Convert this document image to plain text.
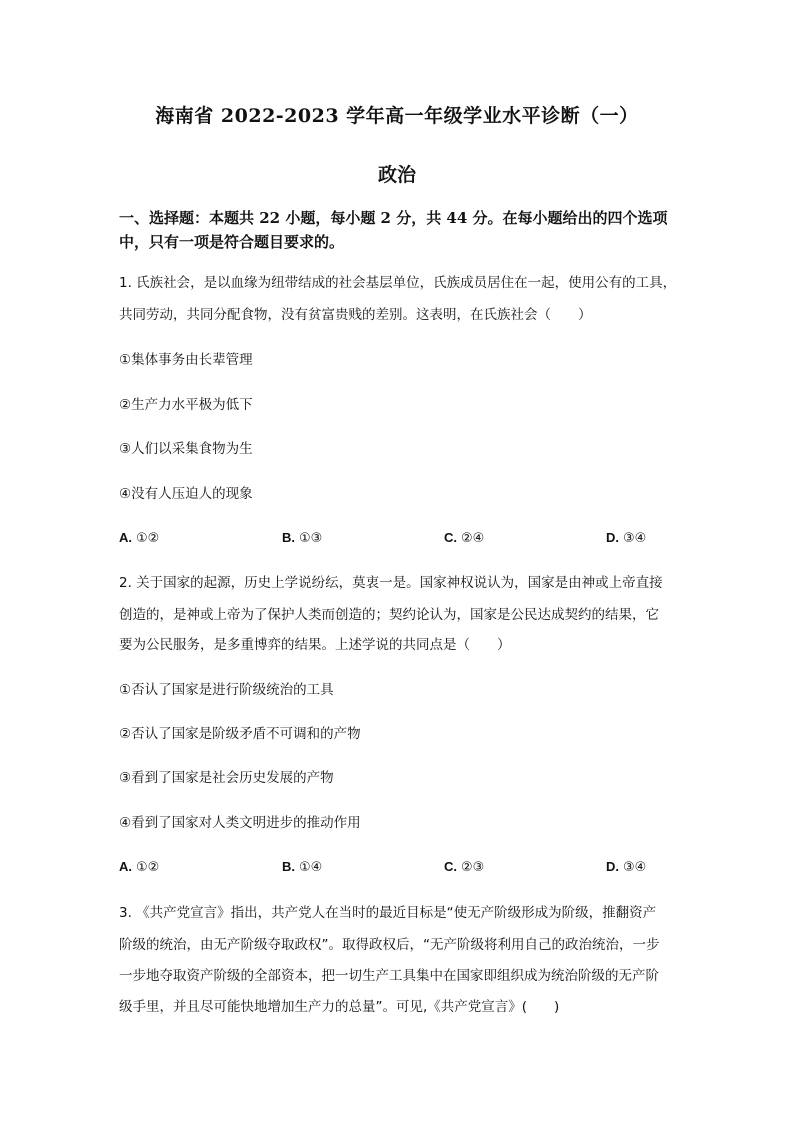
海南省 2022-2023 学年高一年级学业水平诊断（一）
政治
一、选择题：本题共 22 小题，每小题 2 分，共 44 分。在每小题给出的四个选项
中，只有一项是符合题目要求的。
1. 氏族社会，是以血缘为纽带结成的社会基层单位，氏族成员居住在一起，使用公有的工具，
共同劳动，共同分配食物，没有贫富贵贱的差别。这表明，在氏族社会（　　）
①集体事务由长辈管理
②生产力水平极为低下
③人们以采集食物为生
④没有人压迫人的现象
A. ①②	B. ①③	C. ②④	D. ③④
2. 关于国家的起源，历史上学说纷纭，莫衷一是。国家神权说认为，国家是由神或上帝直接
创造的，是神或上帝为了保护人类而创造的；契约论认为，国家是公民达成契约的结果，它
要为公民服务，是多重博弈的结果。上述学说的共同点是（　　）
①否认了国家是进行阶级统治的工具
②否认了国家是阶级矛盾不可调和的产物
③看到了国家是社会历史发展的产物
④看到了国家对人类文明进步的推动作用
A. ①②	B. ①④	C. ②③	D. ③④
3. 《共产党宣言》指出，共产党人在当时的最近目标是“使无产阶级形成为阶级，推翻资产
阶级的统治，由无产阶级夺取政权”。取得政权后，“无产阶级将利用自己的政治统治，一步
一步地夺取资产阶级的全部资本，把一切生产工具集中在国家即组织成为统治阶级的无产阶
级手里，并且尽可能快地增加生产力的总量”。可见,《共产党宣言》(　　)
